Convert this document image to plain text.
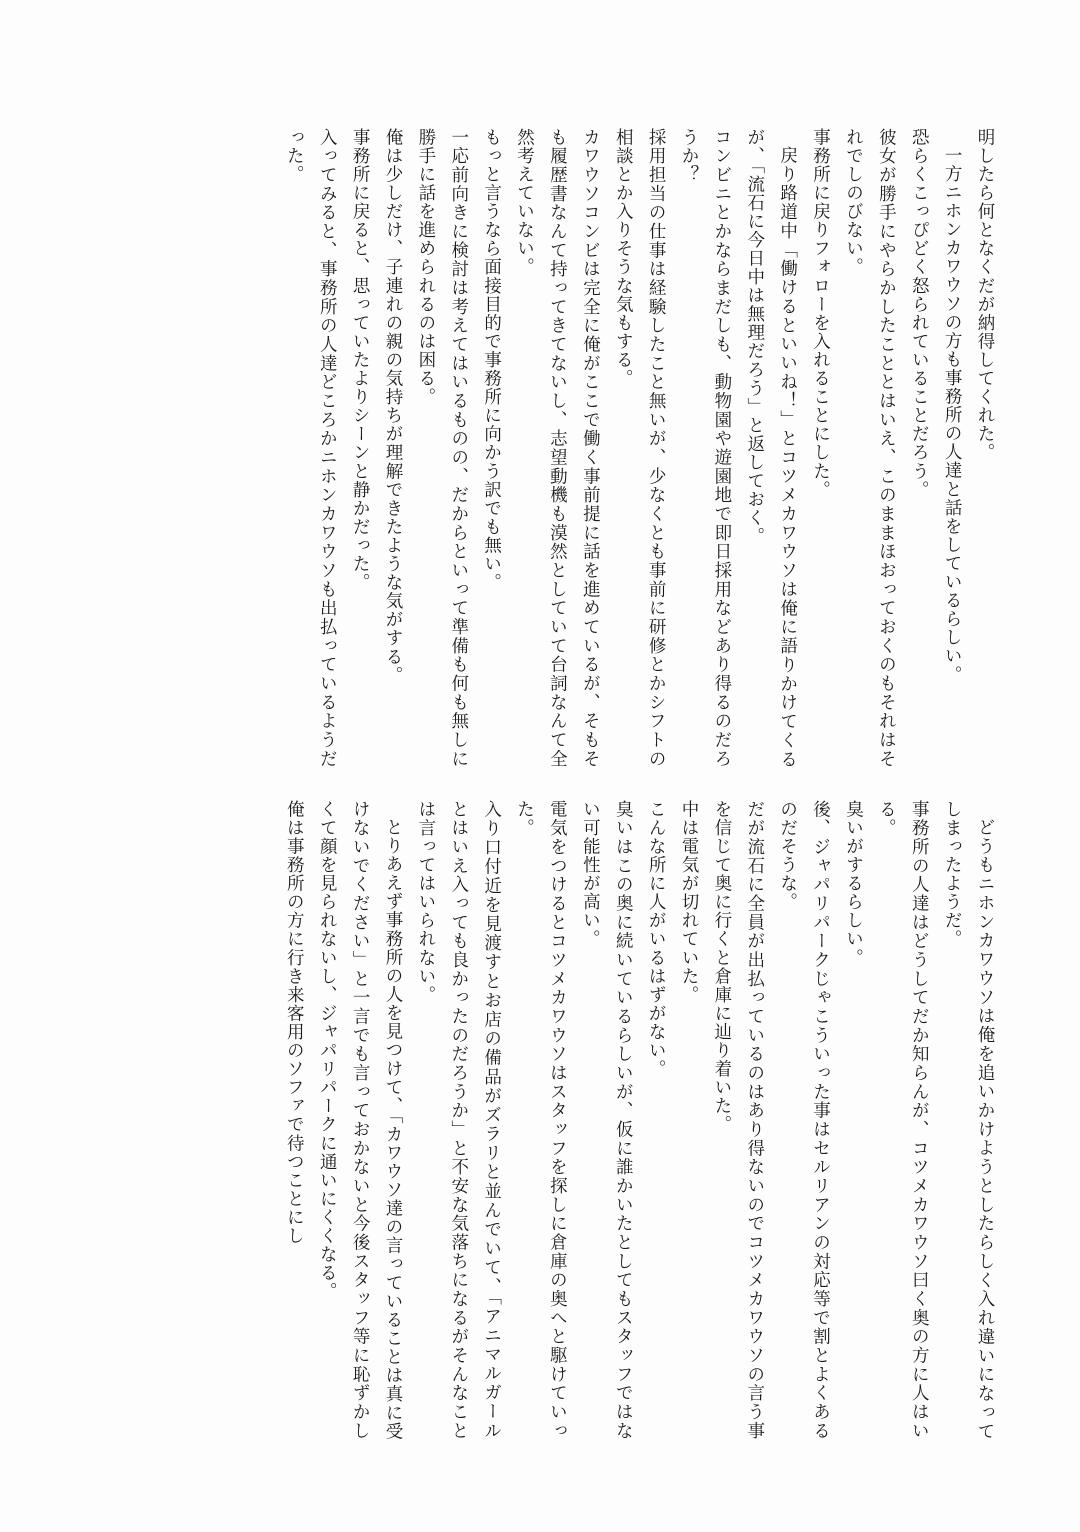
明したら何となくだが納得してくれた。

一方ニホンカワウソの方も事務所の人達と話をしているらしい。

恐らくこっぴどく怒られていることだろう。

彼女が勝手にやらかしたこととはいえ、このままほおっておくのもそれはそれでしのびない。

事務所に戻りフォローを入れることにした。

戻り路道中「働けるといいね！」とコツメカワウソは俺に語りかけてくるが、「流石に今日中は無理だろう」と返しておく。

コンビニとかならまだしも、動物園や遊園地で即日採用などあり得るのだろうか？

採用担当の仕事は経験したこと無いが、少なくとも事前に研修とかシフトの相談とか入りそうな気もする。

カワウソコンビは完全に俺がここで働く事前提に話を進めているが、そもそも履歴書なんて持ってきてないし、志望動機も漠然としていて台詞なんて全然考えていない。

もっと言うなら面接目的で事務所に向かう訳でも無い。

一応前向きに検討は考えてはいるものの、だからといって準備も何も無しに勝手に話を進められるのは困る。

俺は少しだけ、子連れの親の気持ちが理解できたような気がする。

事務所に戻ると、思っていたよりシーンと静かだった。

入ってみると、事務所の人達どころかニホンカワウソも出払っているようだった。

どうもニホンカワウソは俺を追いかけようとしたらしく入れ違いになってしまったようだ。

事務所の人達はどうしてだか知らんが、コツメカワウソ曰く奥の方に人はいる。

臭いがするらしい。

後、ジャパリパークじゃこういった事はセルリアンの対応等で割とよくあるのだそうな。

だが流石に全員が出払っているのはあり得ないのでコツメカワウソの言う事を信じて奥に行くと倉庫に辿り着いた。

中は電気が切れていた。

こんな所に人がいるはずがない。

臭いはこの奥に続いているらしいが、仮に誰かいたとしてもスタッフではない可能性が高い。

電気をつけるとコツメカワウソはスタッフを探しに倉庫の奥へと駆けていった。

入り口付近を見渡すとお店の備品がズラリと並んでいて、「アニマルガールとはいえ入っても良かったのだろうか」と不安な気落ちになるがそんなことは言ってはいられない。

とりあえず事務所の人を見つけて、「カワウソ達の言っていることは真に受けないでください」と一言でも言っておかないと今後スタッフ等に恥ずかしくて顔を見られないし、ジャパリパークに通いにくくなる。

俺は事務所の方に行き来客用のソファで待つことにし
